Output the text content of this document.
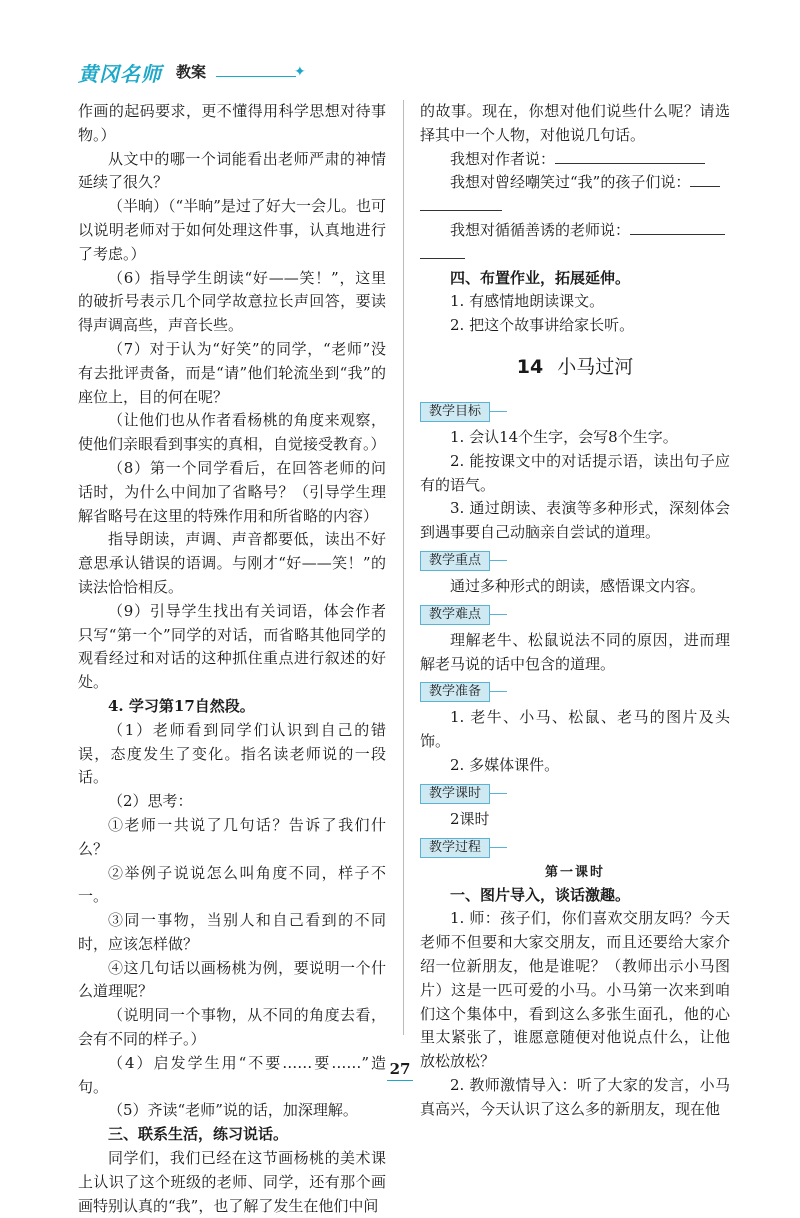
黄冈名师 教案	✦

作画的起码要求，更不懂得用科学思想对待事物。）

从文中的哪一个词能看出老师严肃的神情延续了很久？

（半晌）（“半晌”是过了好大一会儿。也可以说明老师对于如何处理这件事，认真地进行了考虑。）

（6）指导学生朗读“好——笑！”，这里的破折号表示几个同学故意拉长声回答，要读得声调高些，声音长些。

（7）对于认为“好笑”的同学，“老师”没有去批评责备，而是“请”他们轮流坐到“我”的座位上，目的何在呢？

（让他们也从作者看杨桃的角度来观察，使他们亲眼看到事实的真相，自觉接受教育。）

（8）第一个同学看后，在回答老师的问话时，为什么中间加了省略号？（引导学生理解省略号在这里的特殊作用和所省略的内容）

指导朗读，声调、声音都要低，读出不好意思承认错误的语调。与刚才“好——笑！”的读法恰恰相反。

（9）引导学生找出有关词语，体会作者只写“第一个”同学的对话，而省略其他同学的观看经过和对话的这种抓住重点进行叙述的好处。

4. 学习第17自然段。

（1）老师看到同学们认识到自己的错误，态度发生了变化。指名读老师说的一段话。

（2）思考：

①老师一共说了几句话？告诉了我们什么？

②举例子说说怎么叫角度不同，样子不一。

③同一事物，当别人和自己看到的不同时，应该怎样做？

④这几句话以画杨桃为例，要说明一个什么道理呢？

（说明同一个事物，从不同的角度去看，会有不同的样子。）

（4）启发学生用“不要……要……”造句。

（5）齐读“老师”说的话，加深理解。

三、联系生活，练习说话。

同学们，我们已经在这节画杨桃的美术课上认识了这个班级的老师、同学，还有那个画画特别认真的“我”，也了解了发生在他们中间

的故事。现在，你想对他们说些什么呢？请选择其中一个人物，对他说几句话。

我想对作者说：

我想对曾经嘲笑过“我”的孩子们说：

我想对循循善诱的老师说：

四、布置作业，拓展延伸。

1. 有感情地朗读课文。

2. 把这个故事讲给家长听。

14 小马过河
教学目标

1. 会认14个生字，会写8个生字。

2. 能按课文中的对话提示语，读出句子应有的语气。

3. 通过朗读、表演等多种形式，深刻体会到遇事要自己动脑亲自尝试的道理。

教学重点

通过多种形式的朗读，感悟课文内容。

教学难点

理解老牛、松鼠说法不同的原因，进而理解老马说的话中包含的道理。

教学准备

1. 老牛、小马、松鼠、老马的图片及头饰。

2. 多媒体课件。

教学课时

2课时

教学过程

第一课时

一、图片导入，谈话激趣。

1. 师：孩子们，你们喜欢交朋友吗？今天老师不但要和大家交朋友，而且还要给大家介绍一位新朋友，他是谁呢？（教师出示小马图片）这是一匹可爱的小马。小马第一次来到咱们这个集体中，看到这么多张生面孔，他的心里太紧张了，谁愿意随便对他说点什么，让他放松放松？

2. 教师激情导入：听了大家的发言，小马真高兴，今天认识了这么多的新朋友，现在他

27
